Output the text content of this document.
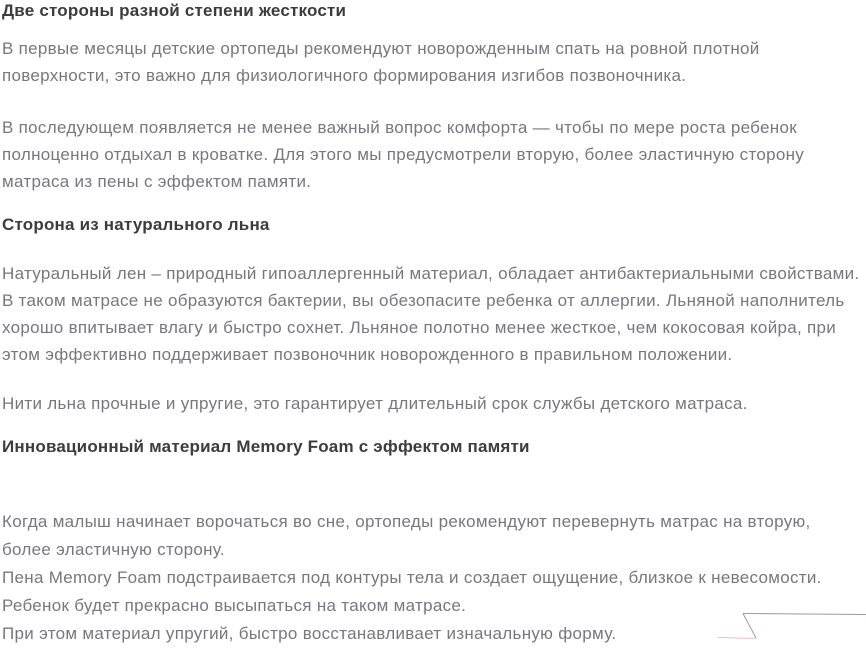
Две стороны разной степени жесткости
В первые месяцы детские ортопеды рекомендуют новорожденным спать на ровной плотной
поверхности, это важно для физиологичного формирования изгибов позвоночника.
В последующем появляется не менее важный вопрос комфорта — чтобы по мере роста ребенок
полноценно отдыхал в кроватке. Для этого мы предусмотрели вторую, более эластичную сторону
матраса из пены с эффектом памяти.
Сторона из натурального льна
Натуральный лен – природный гипоаллергенный материал, обладает антибактериальными свойствами.
В таком матрасе не образуются бактерии, вы обезопасите ребенка от аллергии. Льняной наполнитель
хорошо впитывает влагу и быстро сохнет. Льняное полотно менее жесткое, чем кокосовая койра, при
этом эффективно поддерживает позвоночник новорожденного в правильном положении.
Нити льна прочные и упругие, это гарантирует длительный срок службы детского матраса.
Инновационный материал Memory Foam с эффектом памяти
Когда малыш начинает ворочаться во сне, ортопеды рекомендуют перевернуть матрас на вторую,
более эластичную сторону.
Пена Memory Foam подстраивается под контуры тела и создает ощущение, близкое к невесомости.
Ребенок будет прекрасно высыпаться на таком матрасе.
При этом материал упругий, быстро восстанавливает изначальную форму.
